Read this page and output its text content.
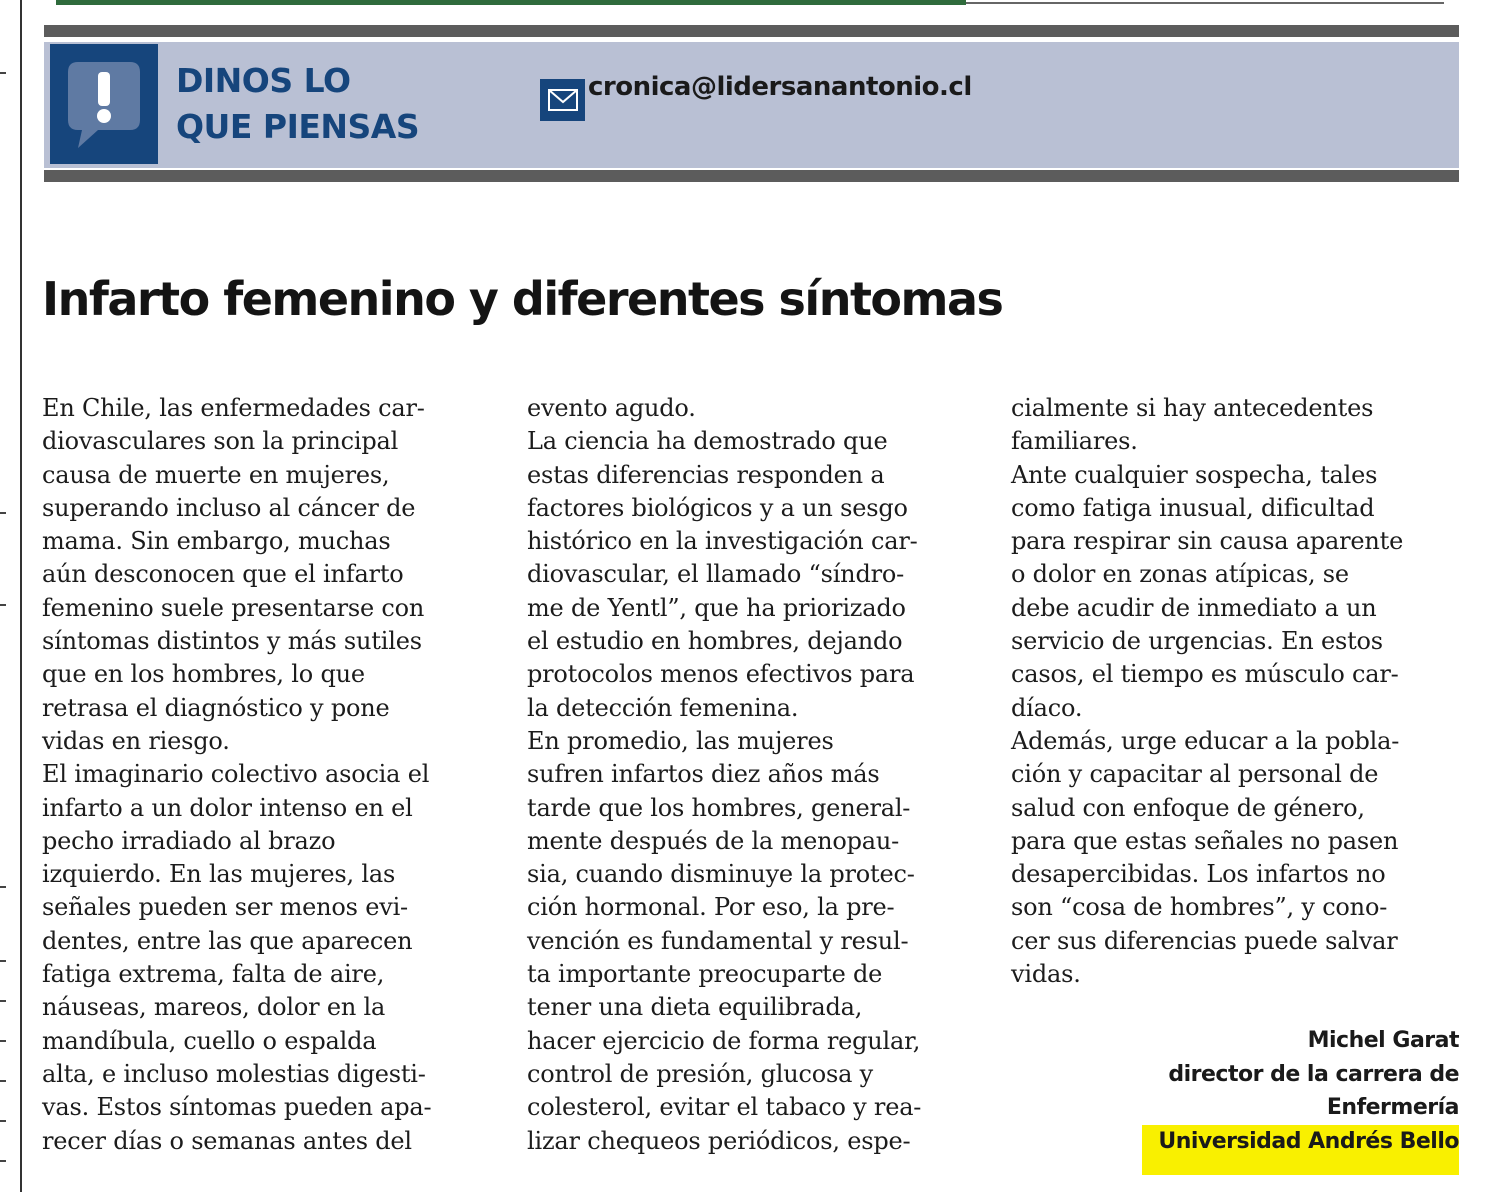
DINOS LO
QUE PIENSAS
cronica@lidersanantonio.cl
Infarto femenino y diferentes síntomas
En Chile, las enfermedades car-
diovasculares son la principal
causa de muerte en mujeres,
superando incluso al cáncer de
mama. Sin embargo, muchas
aún desconocen que el infarto
femenino suele presentarse con
síntomas distintos y más sutiles
que en los hombres, lo que
retrasa el diagnóstico y pone
vidas en riesgo.
El imaginario colectivo asocia el
infarto a un dolor intenso en el
pecho irradiado al brazo
izquierdo. En las mujeres, las
señales pueden ser menos evi-
dentes, entre las que aparecen
fatiga extrema, falta de aire,
náuseas, mareos, dolor en la
mandíbula, cuello o espalda
alta, e incluso molestias digesti-
vas. Estos síntomas pueden apa-
recer días o semanas antes del
evento agudo.
La ciencia ha demostrado que
estas diferencias responden a
factores biológicos y a un sesgo
histórico en la investigación car-
diovascular, el llamado “síndro-
me de Yentl”, que ha priorizado
el estudio en hombres, dejando
protocolos menos efectivos para
la detección femenina.
En promedio, las mujeres
sufren infartos diez años más
tarde que los hombres, general-
mente después de la menopau-
sia, cuando disminuye la protec-
ción hormonal. Por eso, la pre-
vención es fundamental y resul-
ta importante preocuparte de
tener una dieta equilibrada,
hacer ejercicio de forma regular,
control de presión, glucosa y
colesterol, evitar el tabaco y rea-
lizar chequeos periódicos, espe-
cialmente si hay antecedentes
familiares.
Ante cualquier sospecha, tales
como fatiga inusual, dificultad
para respirar sin causa aparente
o dolor en zonas atípicas, se
debe acudir de inmediato a un
servicio de urgencias. En estos
casos, el tiempo es músculo car-
díaco.
Además, urge educar a la pobla-
ción y capacitar al personal de
salud con enfoque de género,
para que estas señales no pasen
desapercibidas. Los infartos no
son “cosa de hombres”, y cono-
cer sus diferencias puede salvar
vidas.
Michel Garat
director de la carrera de
Enfermería
Universidad Andrés Bello
